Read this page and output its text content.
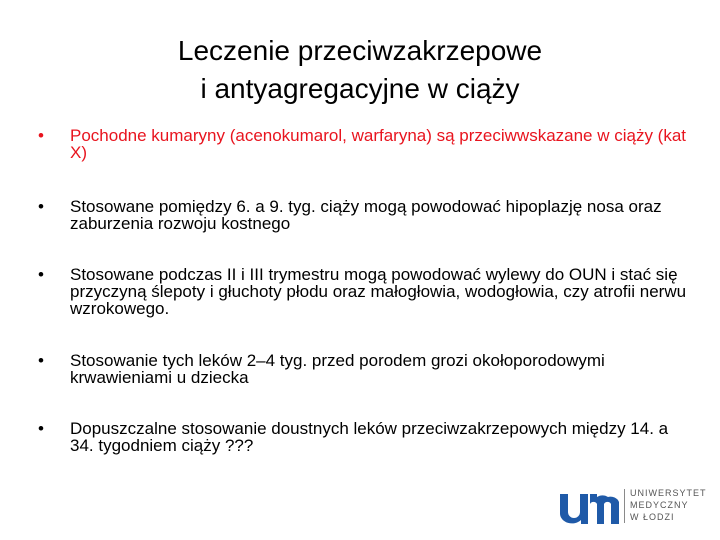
Leczenie przeciwzakrzepowe
i antyagregacyjne w ciąży
•	Pochodne kumaryny (acenokumarol, warfaryna) są przeciwwskazane w ciąży (kat X)
•	Stosowane pomiędzy 6. a 9. tyg. ciąży mogą powodować hipoplazję nosa oraz zaburzenia rozwoju kostnego
•	Stosowane podczas II i III trymestru mogą powodować wylewy do OUN i stać się przyczyną ślepoty i głuchoty płodu oraz małogłowia, wodogłowia, czy atrofii nerwu wzrokowego.
•	Stosowanie tych leków 2–4 tyg. przed porodem grozi okołoporodowymi krwawieniami u dziecka
•	Dopuszczalne stosowanie doustnych leków przeciwzakrzepowych między 14. a 34. tygodniem ciąży ???
UNIWERSYTET
MEDYCZNY
W ŁODZI
